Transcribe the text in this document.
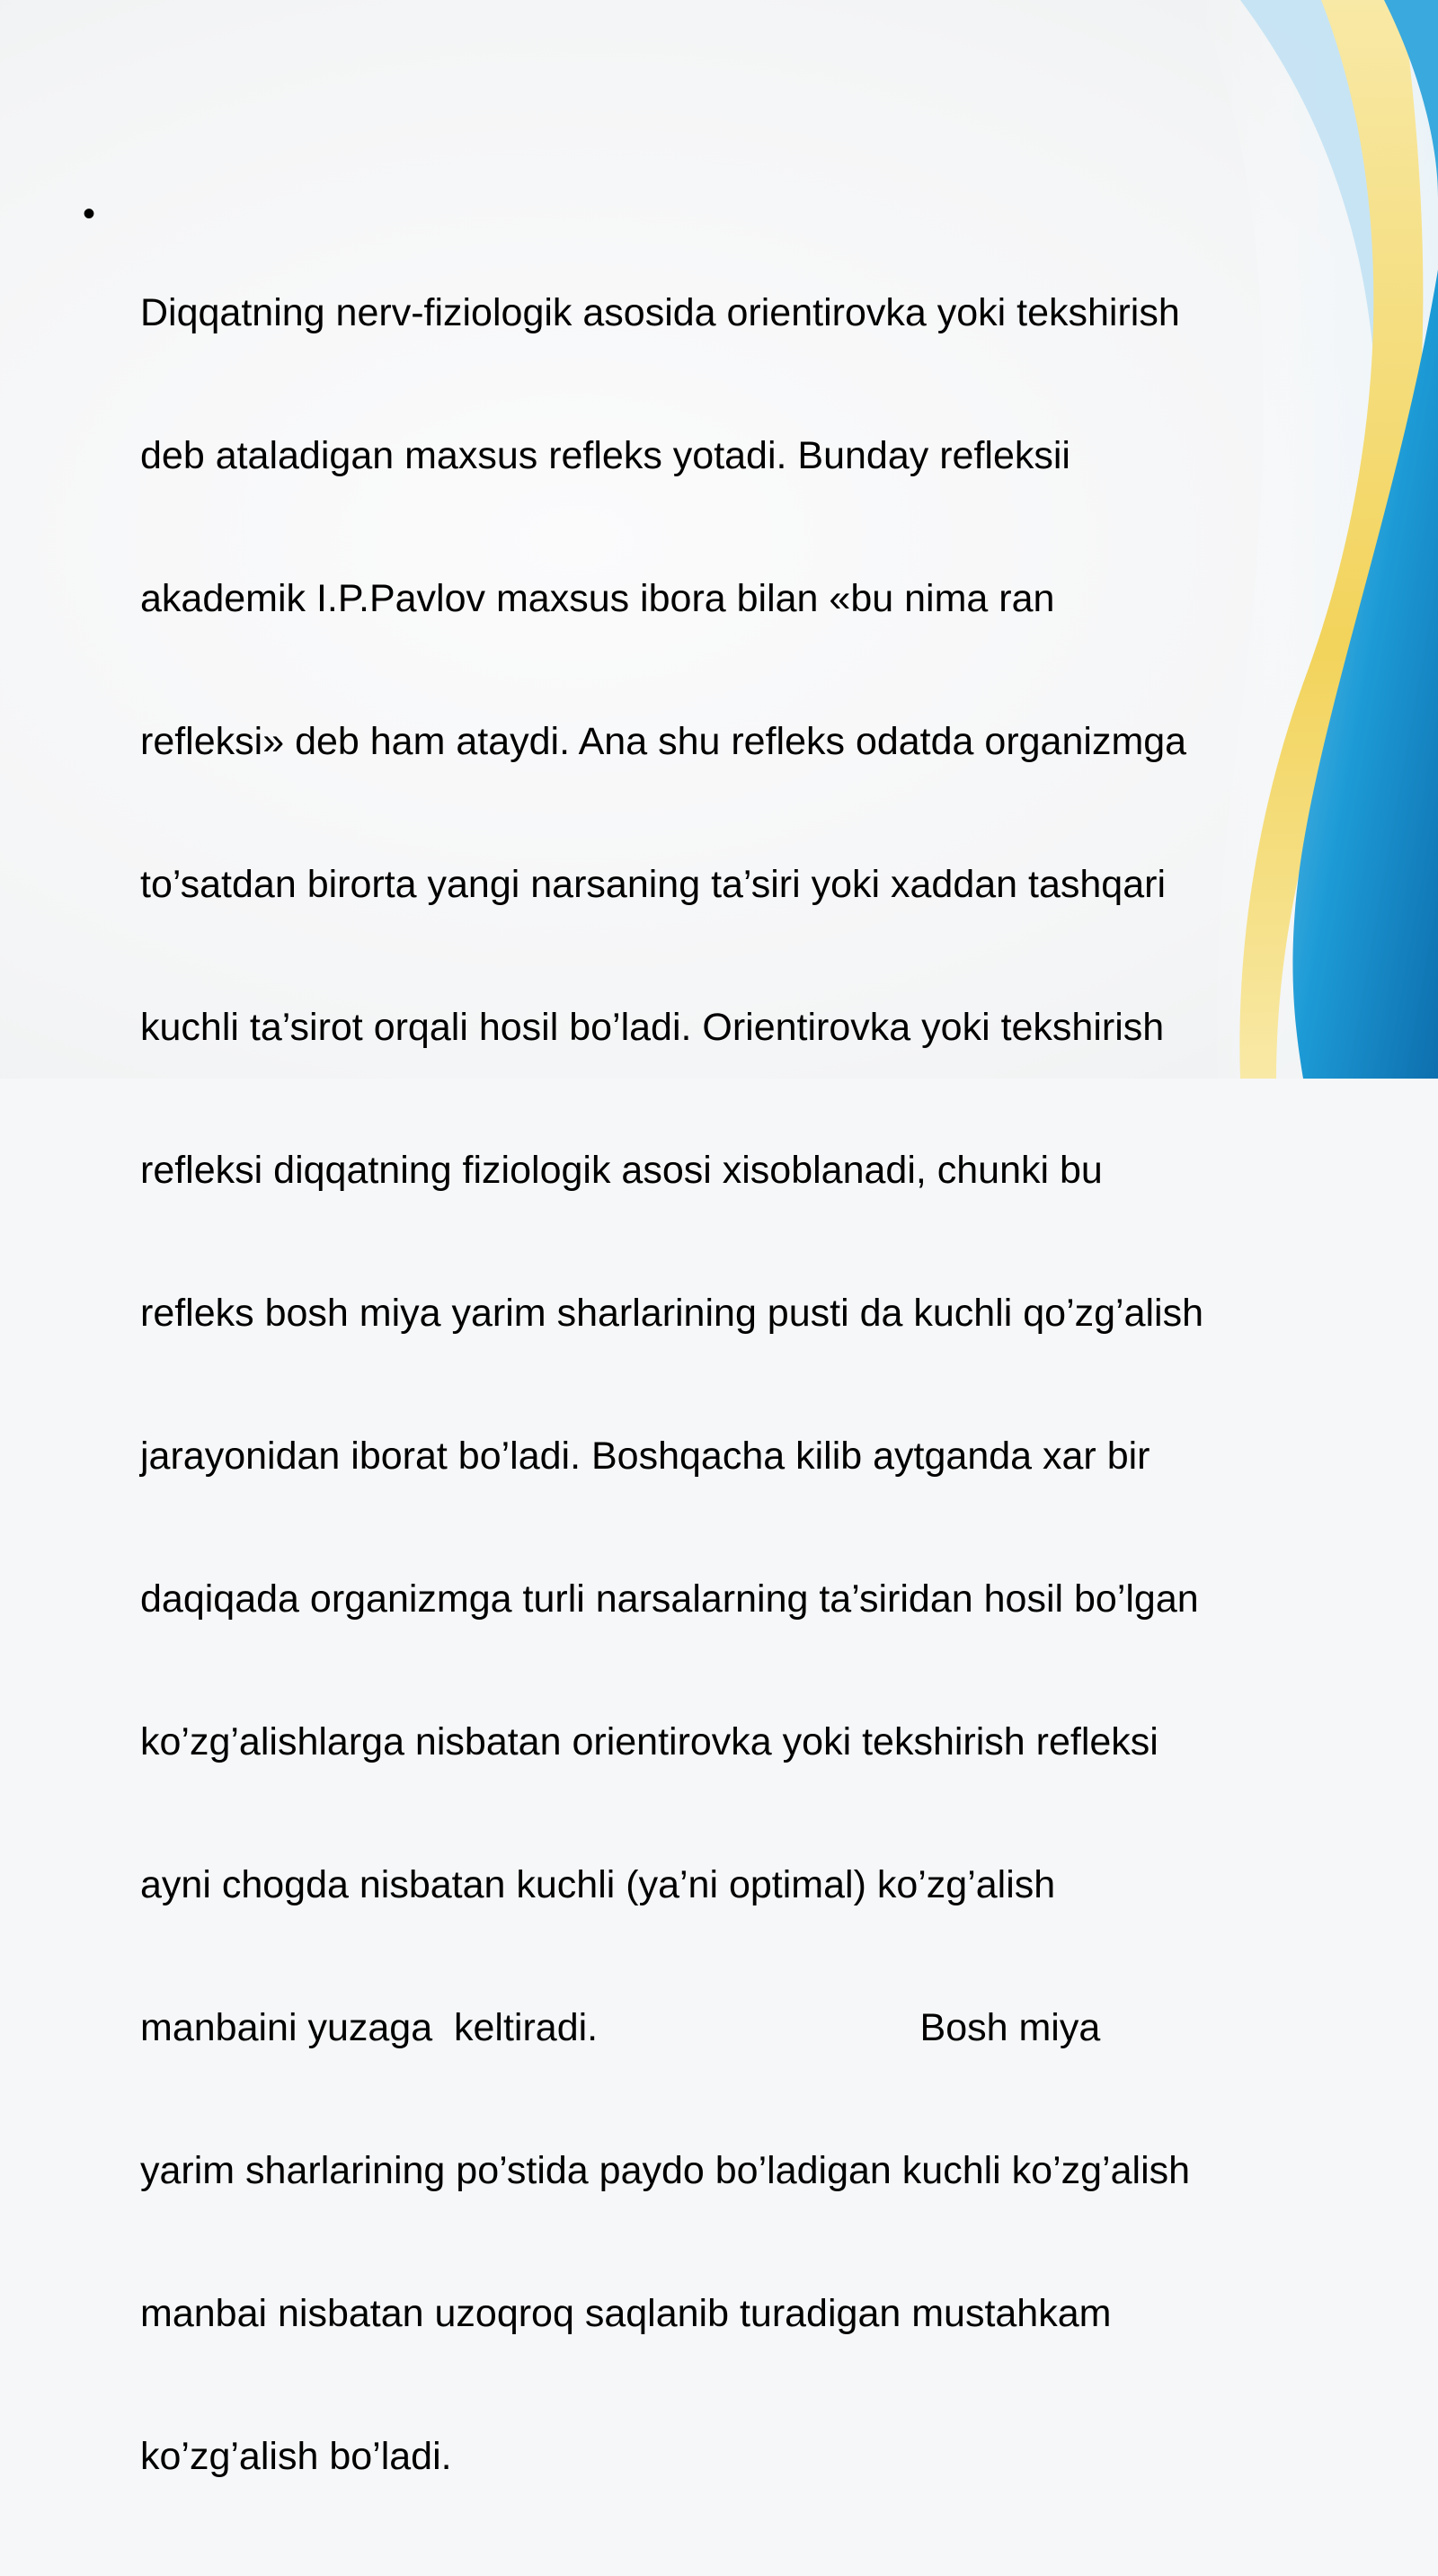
•

Diqqatning nerv-fiziologik asosida orientirovka yoki tekshirish

deb ataladigan maxsus refleks yotadi. Bunday refleksii

akademik I.P.Pavlov maxsus ibora bilan «bu nima ran

refleksi» deb ham ataydi. Ana shu refleks odatda organizmga

to’satdan birorta yangi narsaning ta’siri yoki xaddan tashqari

kuchli ta’sirot orqali hosil bo’ladi. Orientirovka yoki tekshirish

refleksi diqqatning fiziologik asosi xisoblanadi, chunki bu

refleks bosh miya yarim sharlarining pusti da kuchli qo’zg’alish

jarayonidan iborat bo’ladi. Boshqacha kilib aytganda xar bir

daqiqada organizmga turli narsalarning ta’siridan hosil bo’lgan

ko’zg’alishlarga nisbatan orientirovka yoki tekshirish refleksi

ayni chogda nisbatan kuchli (ya’ni optimal) ko’zg’alish

manbaini yuzaga  keltiradi.                              Bosh miya

yarim sharlarining po’stida paydo bo’ladigan kuchli ko’zg’alish

manbai nisbatan uzoqroq saqlanib turadigan mustahkam

ko’zg’alish bo’ladi.
